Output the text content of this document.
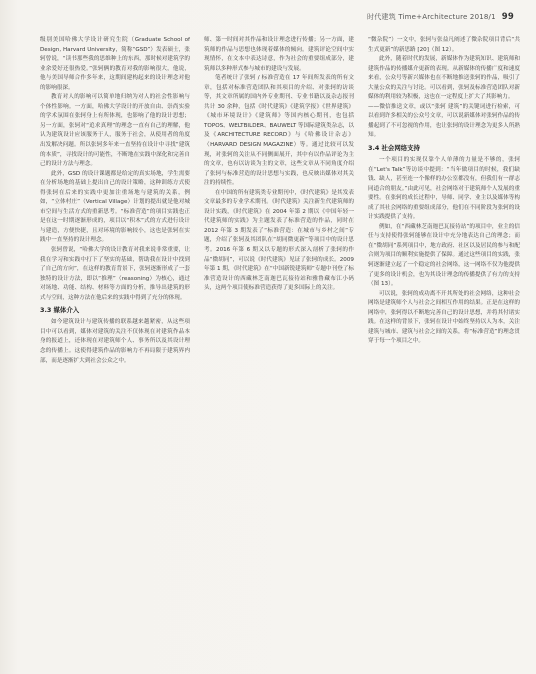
时代建筑 Time+Architecture 2018/1 99

级别美国哈佛大学设计研究生院（Graduate School of Design, Harvard University，简称“GSD”）发表硕士，张轲曾说，“读书那些我的思维种上的东西，那时候对建筑学的业余爱好还很热爱。”张轲俩的教育对我的影响很大，他说，他与美国导师合作多年来，这期间建构起来的设计理念对他的影响很深。

教育对人的影响可以简单地归纳为对人的社会性影响与个体性影响。一方面，哈佛大学设计的开放自由、崇尚实验的学术氛围在张轲身上有所体现，也影响了他的设计思想；另一方面，张轲对“追求真理”的理念一直有自己的理解，他认为建筑设计应该服务于人，服务于社会，从使用者的角度出发解决问题。所以张轲多年来一直坚持在设计中寻找“建筑的本质”，寻找设计的可能性，不断地在实践中深化和完善自己的设计方法与理念。

此外，GSD 的设计课题都是给定的真实场地，学生需要在分析场地的基础上提出自己的设计策略，这种训练方式使得张轲在后来的实践中更加注重场地与建筑的关系，例如，“立体村庄”（Vertical Village）计划的提出就是他对城市空间与生活方式的重新思考。“标准营造”的项目实践也正是在这一时期逐渐形成的，项目以“积木”式的方式进行设计与建造，方便快捷，且对环境的影响较小，这也是张轲在实践中一直坚持的设计理念。

张轲曾说，“哈佛大学的设计教育对我来说非常重要，让我在学习和实践中打下了坚实的基础，帮助我在设计中找到了自己的方向”，在这样的教育背景下，张轲逐渐形成了一套独特的设计方法，即以“推理”（reasoning）为核心，通过对场地、功能、结构、材料等方面的分析，推导出建筑的形式与空间，这种方法在他后来的实践中得到了充分的体现。

3.3 媒体介入

如今建筑设计与建筑传播的联系越来越紧密，从这些项目中可以看到，媒体对建筑的关注不仅体现在对建筑作品本身的报道上，还体现在对建筑师个人、事务所以及其设计理念的传播上。这使得建筑作品的影响力不再局限于建筑界内部，而是逐渐扩大到社会公众之中。

师、第一时间对其作品和设计理念进行传播；另一方面，建筑师的作品与思想也体现着媒体的倾向。建筑评论空间中实现情怀，在文本中表达诗意，作为社会的重要组成部分，建筑师以多种形式参与城市的建设与发展。

笔者统计了张轲 / 标准营造在 17 年间所发表的所有文章，包括对标准营造团队和其项目的介绍、对张轲的访谈等，其文章所属的国内外专业期刊、专业书籍以及杂志报刊共计 30 余种，包括《时代建筑》《建筑学报》《世界建筑》《城市环境设计》《建筑师》等国内核心期刊，也包括 TOPOS、WELTBILDER、BAUWELT 等国际建筑类杂志，以及《ARCHITECTURE RECORD》与《哈佛设计杂志》（HARVARD DESIGN MAGAZINE）等。通过比较可以发现，对张轲的关注从不同侧面展开，其中有以作品评论为主的文章，也有以访谈为主的文章，这些文章从不同角度介绍了张轲与标准营造的设计思想与实践，也反映出媒体对其关注的持续性。

在中国的所有建筑类专业期刊中，《时代建筑》是其发表文章最多的专业学术期刊。《时代建筑》关注新生代建筑师的设计实践，《时代建筑》在 2004 年第 2 期以《中国年轻一代建筑师的实践》为主题发表了标准营造的作品，同时在 2012 年第 3 期发表了“标准营造：在城市与乡村之间”专题，介绍了张轲及其团队在“胡同微更新”等项目中的设计思考。2016 年第 6 期又以专题的形式深入剖析了张轲的作品“微胡同”，可以说《时代建筑》见证了张轲的成长。2009 年第 1 期，《时代建筑》在“中国新锐建筑师”专题中刊登了标准营造设计的西藏林芝南迦巴瓦接待站和雅鲁藏布江小码头，这两个项目使标准营造获得了更多国际上的关注。

“微杂院”）一文中，张轲与张益凡阐述了微杂院项目背后“共生式更新”的新思路 [20]（图 12）。

此外，随着时代的发展，新媒体作为建筑知识、建筑师和建筑作品的传播媒介更新的表现。从新媒体的传播广度和速度来看，公众号等新兴媒体也在不断地推送张轲的作品，吸引了大量公众的关注与讨论。可以看到，张轲及标准营造团队对新媒体的利用较为积极，这也在一定程度上扩大了其影响力。

——微信推送文章，或以“张轲 建筑”的关键词进行检索，可以看到许多相关的公众号文章，可以说新媒体对张轲作品的传播起到了不可忽视的作用，也让张轲的设计理念为更多人所熟知。

3.4 社会网络支持

一个项目的实现仅靠个人单薄的力量是不够的，张轲在“Let's Talk”等访谈中提到：“当年做项目的时候，我们缺钱、缺人，甚至连一个像样的办公室都没有，但我们有一群志同道合的朋友。”由此可见，社会网络对于建筑师个人发展的重要性。在张轲的成长过程中，导师、同学、业主以及媒体等构成了其社会网络的重要组成部分，他们在不同阶段为张轲的设计实践提供了支持。

例如，在“西藏林芝南迦巴瓦接待站”的项目中，业主的信任与支持使得张轲能够在设计中充分地表达自己的理念；而在“微胡同”系列项目中，地方政府、社区以及居民的参与和配合则为项目的顺利实施提供了保障。通过这些项目的实践，张轲逐渐建立起了一个稳定的社会网络，这一网络不仅为他提供了更多的设计机会，也为其设计理念的传播提供了有力的支持（图 13）。

可以说，张轲的成功离不开其所处的社会网络，这种社会网络是建筑师个人与社会之间相互作用的结果。正是在这样的网络中，张轲得以不断地完善自己的设计思想，并将其付诸实践。在这样的背景下，张轲在设计中始终坚持以人为本，关注建筑与城市、建筑与社会之间的关系，将“标准营造”的理念贯穿于每一个项目之中。
